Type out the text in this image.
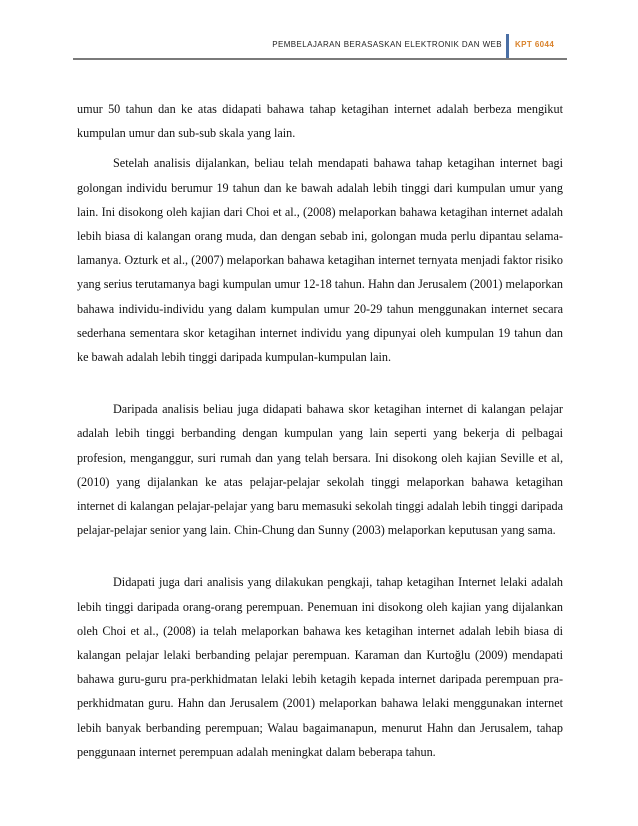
PEMBELAJARAN BERASASKAN ELEKTRONIK DAN WEB KPT 6044

umur 50 tahun dan ke atas didapati bahawa tahap ketagihan internet adalah berbeza mengikut kumpulan umur dan sub-sub skala yang lain.

Setelah analisis dijalankan, beliau telah mendapati bahawa tahap ketagihan internet bagi golongan individu berumur 19 tahun dan ke bawah adalah lebih tinggi dari kumpulan umur yang lain. Ini disokong oleh kajian dari Choi et al., (2008) melaporkan bahawa ketagihan internet adalah lebih biasa di kalangan orang muda, dan dengan sebab ini, golongan muda perlu dipantau selama-lamanya. Ozturk et al., (2007) melaporkan bahawa ketagihan internet ternyata menjadi faktor risiko yang serius terutamanya bagi kumpulan umur 12-18 tahun. Hahn dan Jerusalem (2001) melaporkan bahawa individu-individu yang dalam kumpulan umur 20-29 tahun menggunakan internet secara sederhana sementara skor ketagihan internet individu yang dipunyai oleh kumpulan 19 tahun dan ke bawah adalah lebih tinggi daripada kumpulan-kumpulan lain.

Daripada analisis beliau juga didapati bahawa skor ketagihan internet di kalangan pelajar adalah lebih tinggi berbanding dengan kumpulan yang lain seperti yang bekerja di pelbagai profesion, menganggur, suri rumah dan yang telah bersara. Ini disokong oleh kajian Seville et al, (2010) yang dijalankan ke atas pelajar-pelajar sekolah tinggi melaporkan bahawa ketagihan internet di kalangan pelajar-pelajar yang baru memasuki sekolah tinggi adalah lebih tinggi daripada pelajar-pelajar senior yang lain. Chin-Chung dan Sunny (2003) melaporkan keputusan yang sama.

Didapati juga dari analisis yang dilakukan pengkaji, tahap ketagihan Internet lelaki adalah lebih tinggi daripada orang-orang perempuan. Penemuan ini disokong oleh kajian yang dijalankan oleh Choi et al., (2008) ia telah melaporkan bahawa kes ketagihan internet adalah lebih biasa di kalangan pelajar lelaki berbanding pelajar perempuan. Karaman dan Kurtoğlu (2009) mendapati bahawa guru-guru pra-perkhidmatan lelaki lebih ketagih kepada internet daripada perempuan pra-perkhidmatan guru. Hahn dan Jerusalem (2001) melaporkan bahawa lelaki menggunakan internet lebih banyak berbanding perempuan; Walau bagaimanapun, menurut Hahn dan Jerusalem, tahap penggunaan internet perempuan adalah meningkat dalam beberapa tahun.
